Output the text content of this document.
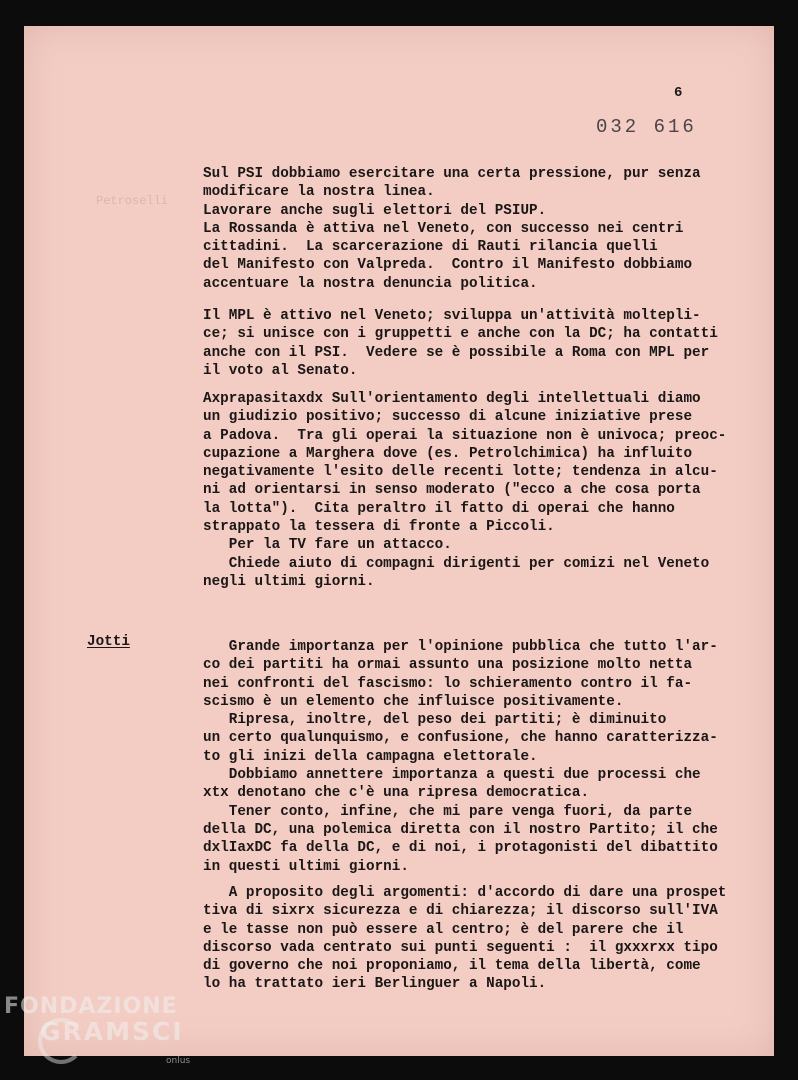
Petroselli
6
032 616

Sul PSI dobbiamo esercitare una certa pressione, pur senza
modificare la nostra linea.
Lavorare anche sugli elettori del PSIUP.
La Rossanda è attiva nel Veneto, con successo nei centri
cittadini.  La scarcerazione di Rauti rilancia quelli
del Manifesto con Valpreda.  Contro il Manifesto dobbiamo
accentuare la nostra denuncia politica.

Il MPL è attivo nel Veneto; sviluppa un'attività moltepli-
ce; si unisce con i gruppetti e anche con la DC; ha contatti
anche con il PSI.  Vedere se è possibile a Roma con MPL per
il voto al Senato.

Axprapasitaxdx Sull'orientamento degli intellettuali diamo
un giudizio positivo; successo di alcune iniziative prese
a Padova.  Tra gli operai la situazione non è univoca; preoc-
cupazione a Marghera dove (es. Petrolchimica) ha influito
negativamente l'esito delle recenti lotte; tendenza in alcu-
ni ad orientarsi in senso moderato ("ecco a che cosa porta
la lotta").  Cita peraltro il fatto di operai che hanno
strappato la tessera di fronte a Piccoli.
Per la TV fare un attacco.
Chiede aiuto di compagni dirigenti per comizi nel Veneto
negli ultimi giorni.

Jotti	Grande importanza per l'opinione pubblica che tutto l'ar-
co dei partiti ha ormai assunto una posizione molto netta
nei confronti del fascismo: lo schieramento contro il fa-
scismo è un elemento che influisce positivamente.
Ripresa, inoltre, del peso dei partiti; è diminuito
un certo qualunquismo, e confusione, che hanno caratterizza-
to gli inizi della campagna elettorale.
Dobbiamo annettere importanza a questi due processi che
xtx denotano che c'è una ripresa democratica.
Tener conto, infine, che mi pare venga fuori, da parte
della DC, una polemica diretta con il nostro Partito; il che
dxlIaxDC fa della DC, e di noi, i protagonisti del dibattito
in questi ultimi giorni.

A proposito degli argomenti: d'accordo di dare una prospet
tiva di sixrx sicurezza e di chiarezza; il discorso sull'IVA
e le tasse non può essere al centro; è del parere che il
discorso vada centrato sui punti seguenti :  il gxxxrxx tipo
di governo che noi proponiamo, il tema della libertà, come
lo ha trattato ieri Berlinguer a Napoli.

FONDAZIONE
GRAMSCI
onlus
